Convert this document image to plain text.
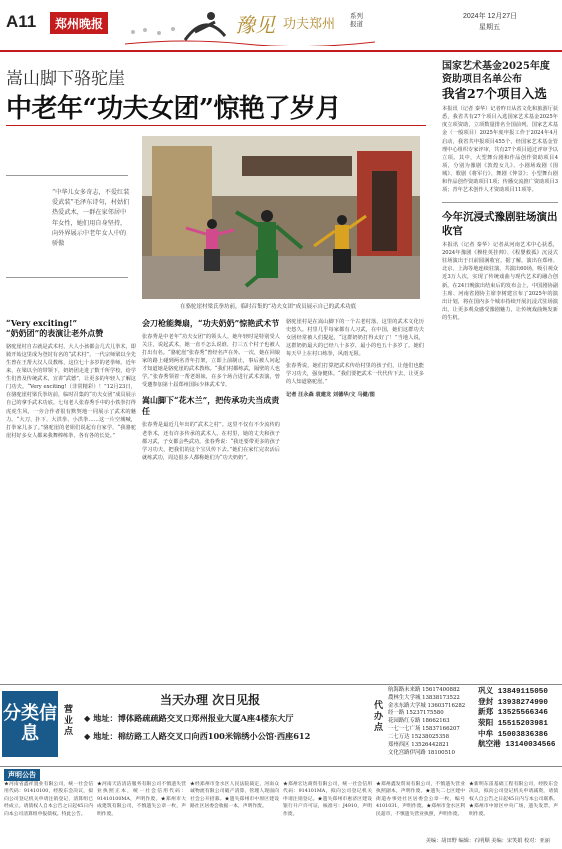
A11	郑州晚报	豫见 功夫郑州
系列报道
2024年 12月27日
星期五
嵩山脚下骆驼崖
中老年“功夫女团”惊艳了岁月
“中华儿女多奇志，不爱红装爱武装”毛泽东诗句，村姑们热爱武术，一群在家邻居中年女性，她们用自身坚持，向外界展示中老年女人中的骄傲
在骆驼崖村梁氏拳坊前，临时召集的“功夫女团”成员展示自己的武术功底
“Very exciting!”
“奶奶团”的表演让老外点赞
骆驼崖村自古就是武术村，大人小孩都会几式儿拳术，即骑开始这里成为登封有名的“武术村”。一代宗师梁以全先生曾在王帮大汉人员教练，这位七十多岁的老拳师。近年来，在梁以全的带领下，奶奶团走进了数千所学校，给学生们普及传统武术，宣讲“武德”，让更多的年轻人了解这门功夫。“Very exciting!（非常精彩）！”12月23日，在骆驼崖村梁氏拳坊前，临时召集的“功夫女团”成员展示自己的拿手武术功底。七旬老人张春秀手中的小铁拳打得虎虎生风，一旁合作者很有默契地一同展示了武术的魅力。“大刀、扑下、大洪拳、小洪拳……这一片空城喊，打拳家儿多了。”骆驼崖的老姐们说起有自家学，“我骆驼崖村好多女人都来我舞棒练拳，各有各的长处。”
会刀枪能舞扇，“功夫奶奶”惊艳武术节
张春秀是中老年“功夫女团”的领头人，她年轻时是特别受人关注，说起武术，她一直不怎么说谁，打三五个村子也被人打出有名。“骆驼崖”张春秀“曾经名声在外。一次，她在回娘家的路上碰到两名青年打架，立即上前制止，事后被人问起才知道她是骆驼崖的武术教练。“我们村都练武，隔壁的人也学。”张春秀领着一帮老姐妹，在多个场合进行武术表演，曾受邀参加第十届郑州国际少林武术节。
嵩山脚下“花木兰”，把传承功夫当成责任
张春秀是最近几年出的“武术之村”。这里不仅有不少流传的老拳术，还有许多传承的武术人。在村里，她的丈夫和孩子都习武，子女都会些武功。张春秀说：“我还要带更多的孩子学习功夫，把我们的这个宝贝传下去。”她们在家忙完农活后就练武功，周边很多人都称她们为“功夫奶奶”。
骆驼崖村是在嵩山脚下的一个古老村落，这里的武术文化历史悠久。村里几乎每家都有人习武，在中国，她们这群功夫女团经常被人们提起，“这群奶奶打得太好了！”当地人说，这群奶奶最大的已经八十多岁，最小的也五十多岁了。她们每天早上在村口练拳，风雨无阻。
张春秀说，她们打算把武术传给村里的孩子们，让他们也能学习功夫，强身健体。“我们要把武术一代代传下去，让更多的人知道骆驼崖。”
记者 汪永森 袁建龙 刘德华/文 马健/图
国家艺术基金2025年度资助项目名单公布
我省27个项目入选
本报讯（记者 秦华）记者昨日从省文化和旅游厅获悉，我省共有27个项目入选国家艺术基金2025年度立项资助，立项数量排名全国前列。国家艺术基金（一般项目）2025年度申报工作于2024年4月启动，我省共申报项目455个，经国家艺术基金管理中心组织专家评审，共有27个项目通过评审予以立项。其中，大型舞台剧和作品创作资助项目4项，分别为豫剧《敦煌女儿》、小剧场戏剧《围城》、歌剧《将军行》、舞剧《仲景》；小型舞台剧和作品创作资助项目1项；传播交流推广资助项目3项；青年艺术创作人才资助项目11项等。
今年沉浸式豫剧驻场演出收官
本报讯（记者 秦华）记者从河南艺术中心获悉，2024年豫剧《穆桂英挂帅》、《程婴救孤》沉浸式驻场演出于日前圆满收官。据了解，演出在郑州、北京、上海等地连续驻演，共演出60场，吸引观众近3万人次，实现了传统戏曲与现代艺术的融合创新。在24日晚演出结束后的发布会上，中国剧协副主席、河南省剧协主席李树建宣布了2025年的演出计划，将在国内多个城市持续开展沉浸式驻场演出，让更多观众感受豫剧魅力，让传统戏曲焕发新的生机。
分类信息
营业点
当天办理 次日见报
◆ 地址：博体路疏疏路交叉口郑州报业大厦A座4楼东大厅
◆ 地址：棉纺路工人路交叉口向西100米锦绣小公馆·西座612
代办点
航海路未来路 15617400882
農林生大学城 13838173522
金水东路大学城 13603716282
经一路 15237175580
花园路红专路 18662163
一七一七广场 15837166207
二七万达 15238025358
郑州西区 13526442821
文化宫路伊河路 18100510
巩义 13849115050
登封 13938274990
新郑 13525566346
荥阳 15515203981
中牟 15003836386
航空港 13140034566
声明公告
★河南省鑫祥置业有限公司，统一社会信用代码：91410100，经股东会决议，拟向公司登记机关申请注销登记，清算组已经成立。请债权人自本公告之日起45日内向本公司清算组申报债权。特此公告。
★河南天洁清洁服务有限公司不慎遗失营业执照正本，统一社会信用代码：91410100MA，声明作废。★郑州市大成建筑有限公司，不慎遗失公章一枚，声明作废。
★经郑州市金水区人民法院裁定，河南众诚物流有限公司破产清算，管理人现面向社会公开招募。★遗失郑州市中原区建设路社区居委会收据一本，声明作废。
★郑州宏达商贸有限公司，统一社会信用代码：914101MA，拟向公司登记机关申请注销登记。★遗失郑州市惠济区建设银行开户许可证，核准号：J4910，声明作废。
★郑州鑫发贸易有限公司，不慎遗失营业执照副本，声明作废。★遗失二七区建中街道办事处社区居委会公章一枚，编号4101031，声明作废。★郑州市金水区利民超市，不慎遗失营业执照，声明作废。
★新明东雷基础工程有限公司，经股东会决议，拟向公司登记机关申请减资，请债权人自公告之日起45日内与本公司联系。★郑州市中原区中央广场，遗失发票，声明作废。
美编：胡田野 编辑：石明顺 美编：宋笑娟 校对：亚丽
